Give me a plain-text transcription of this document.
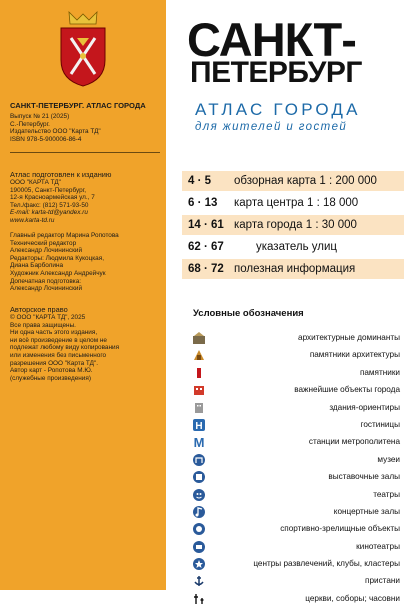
САНКТ-ПЕТЕРБУРГ. АТЛАС ГОРОДА
Выпуск № 21 (2025)
С.-Петербург.
Издательство ООО "Карта ТД"
ISBN 978-5-900006-86-4
Атлас подготовлен к изданию
ООО "КАРТА ТД"
190005, Санкт-Петербург,
12-я Красноармейская ул., 7
Тел./факс: (812) 571-93-50
E-mail: karta-td@yandex.ru
www.karta-td.ru
Главный редактор Марина Ропотова
Технический редактор
Александр Лочининский
Редакторы: Людмила Кукоцкая,
Диана Барболина
Художник Александр Андрейчук
Допечатная подготовка:
Александр Лочининский
Авторское право
© ООО "КАРТА ТД", 2025
Все права защищены.
Ни одна часть этого издания,
ни всё произведение в целом не
подлежат любому виду копирования
или изменения без письменного
разрешения ООО "Карта ТД".
Автор карт - Ропотова М.Ю.
(служебные произведения)
САНКТ-
ПЕТЕРБУРГ
АТЛАС ГОРОДА
для жителей и гостей
4 · 5	обзорная карта 1 : 200 000
6 · 13	карта центра 1 : 18 000
14 · 61 карта города 1 : 30 000
62 · 67	указатель улиц
68 · 72 полезная информация
Условные обозначения
архитектурные доминанты
памятники архитектуры
памятники
важнейшие объекты города
здания-ориентиры
H	гостиницы
M	станции метрополитена
музеи
выставочные залы
театры
концертные залы
спортивно-зрелищные объекты
кинотеатры
центры развлечений, клубы, кластеры
пристани
церкви, соборы; часовни
